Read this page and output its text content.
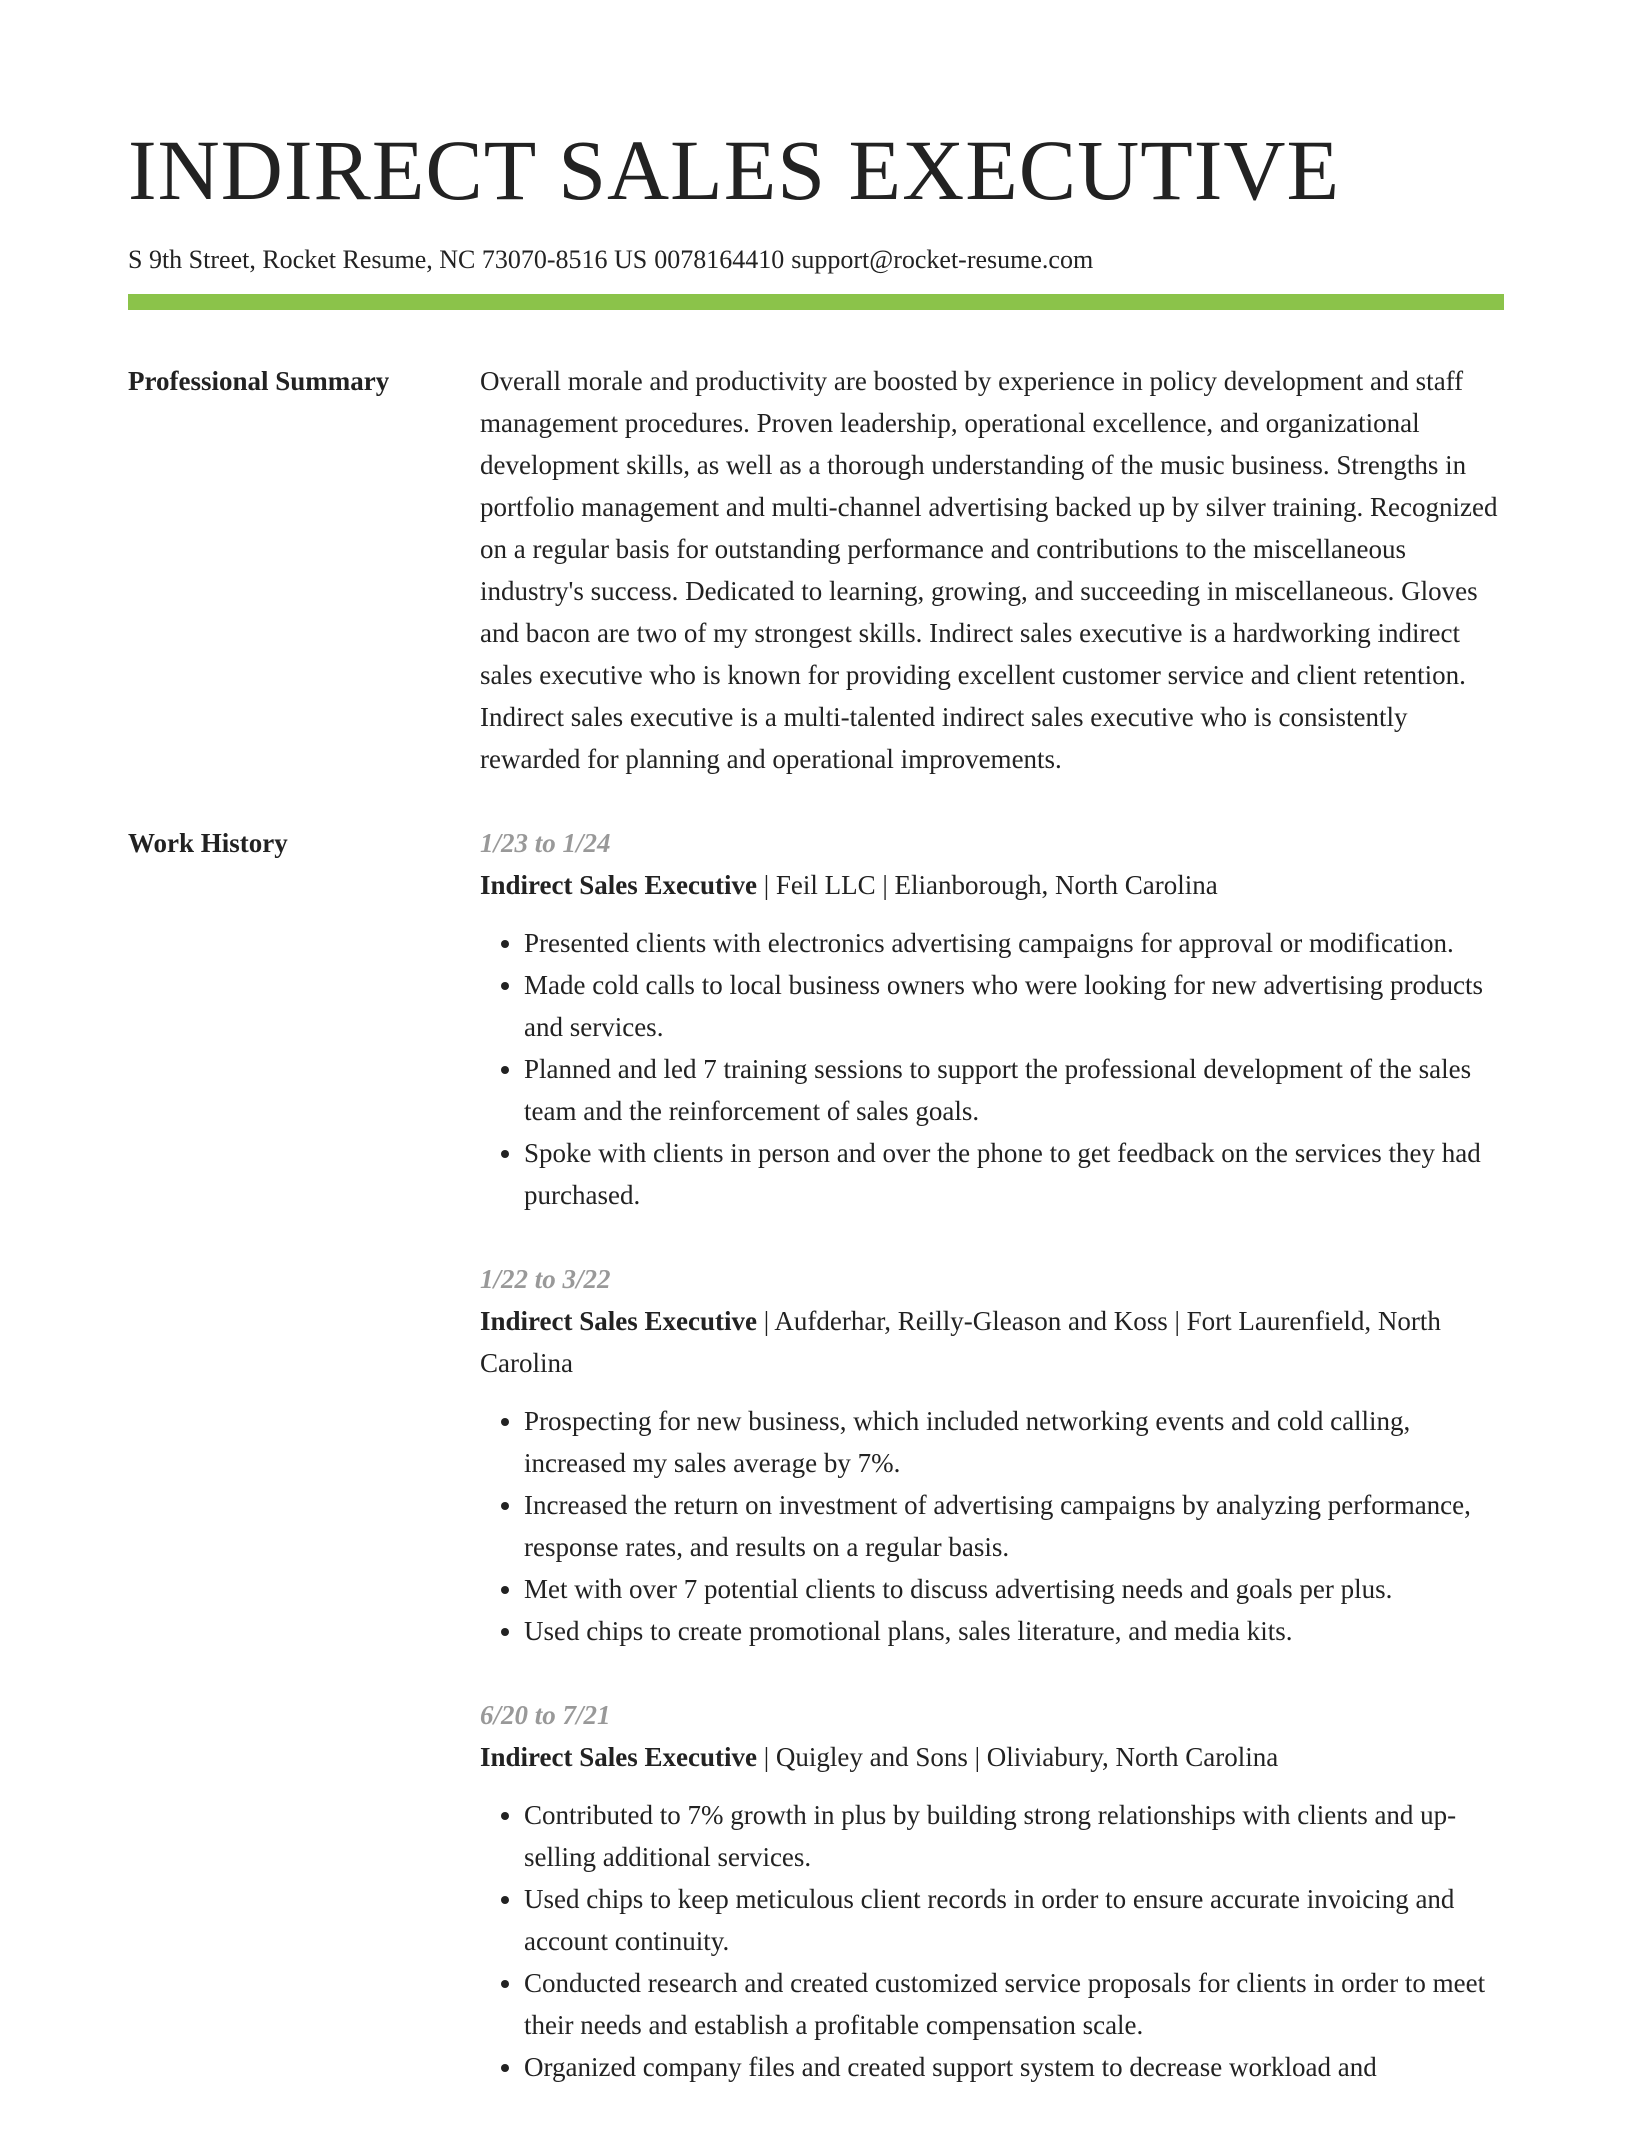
INDIRECT SALES EXECUTIVE
S 9th Street, Rocket Resume, NC 73070-8516 US 0078164410 support@rocket-resume.com
Professional Summary	Overall morale and productivity are boosted by experience in policy development and staff management procedures. Proven leadership, operational excellence, and organizational development skills, as well as a thorough understanding of the music business. Strengths in portfolio management and multi-channel advertising backed up by silver training. Recognized on a regular basis for outstanding performance and contributions to the miscellaneous industry's success. Dedicated to learning, growing, and succeeding in miscellaneous. Gloves and bacon are two of my strongest skills. Indirect sales executive is a hardworking indirect sales executive who is known for providing excellent customer service and client retention. Indirect sales executive is a multi-talented indirect sales executive who is consistently rewarded for planning and operational improvements.

Work History	1/23 to 1/24
Indirect Sales Executive | Feil LLC | Elianborough, North Carolina
• Presented clients with electronics advertising campaigns for approval or modification.
• Made cold calls to local business owners who were looking for new advertising products and services.
• Planned and led 7 training sessions to support the professional development of the sales team and the reinforcement of sales goals.
• Spoke with clients in person and over the phone to get feedback on the services they had purchased.
1/22 to 3/22
Indirect Sales Executive | Aufderhar, Reilly-Gleason and Koss | Fort Laurenfield, North Carolina
• Prospecting for new business, which included networking events and cold calling, increased my sales average by 7%.
• Increased the return on investment of advertising campaigns by analyzing performance, response rates, and results on a regular basis.
• Met with over 7 potential clients to discuss advertising needs and goals per plus.
• Used chips to create promotional plans, sales literature, and media kits.
6/20 to 7/21
Indirect Sales Executive | Quigley and Sons | Oliviabury, North Carolina
• Contributed to 7% growth in plus by building strong relationships with clients and up-selling additional services.
• Used chips to keep meticulous client records in order to ensure accurate invoicing and account continuity.
• Conducted research and created customized service proposals for clients in order to meet their needs and establish a profitable compensation scale.
• Organized company files and created support system to decrease workload and
